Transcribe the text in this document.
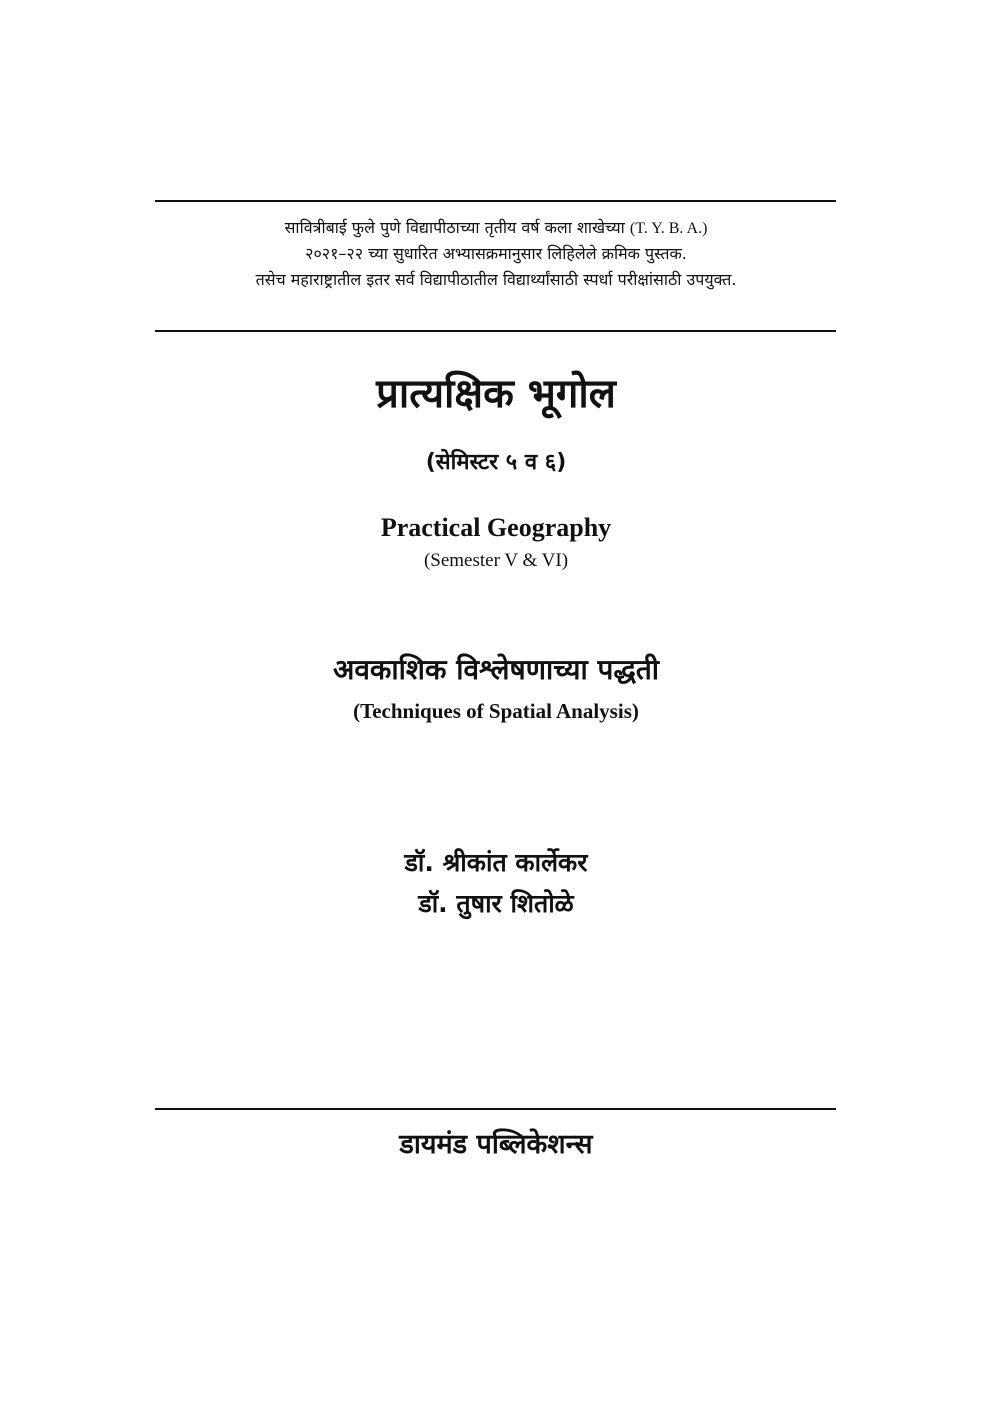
सावित्रीबाई फुले पुणे विद्यापीठाच्या तृतीय वर्ष कला शाखेच्या (T. Y. B. A.)
२०२१–२२ च्या सुधारित अभ्यासक्रमानुसार लिहिलेले क्रमिक पुस्तक.
तसेच महाराष्ट्रातील इतर सर्व विद्यापीठातील विद्यार्थ्यांसाठी स्पर्धा परीक्षांसाठी उपयुक्त.
प्रात्यक्षिक भूगोल
(सेमिस्टर ५ व ६)
Practical Geography
(Semester V & VI)
अवकाशिक विश्लेषणाच्या पद्धती
(Techniques of Spatial Analysis)
डॉ. श्रीकांत कार्लेकर
डॉ. तुषार शितोळे
डायमंड पब्लिकेशन्स
